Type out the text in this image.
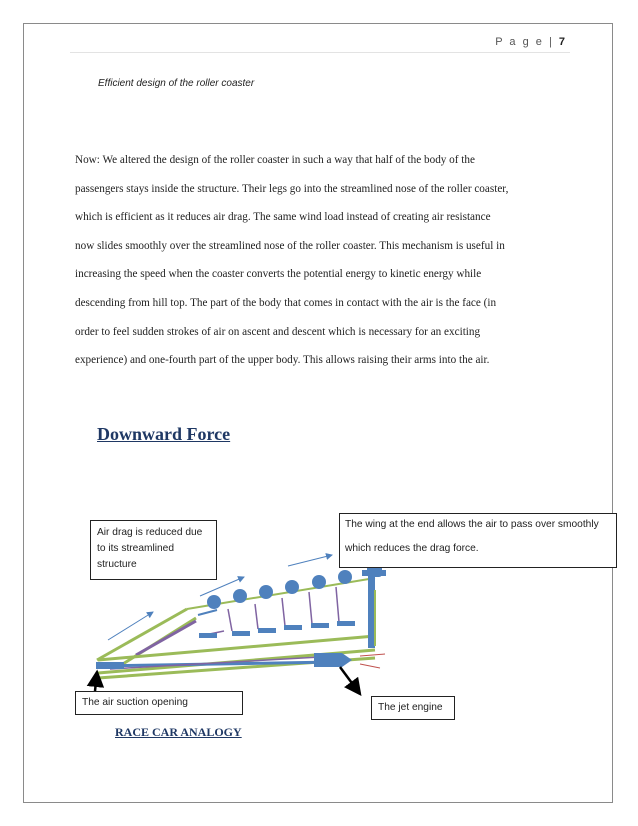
P a g e | 7
Efficient design of the roller coaster

Now: We altered the design of the roller coaster in such a way that half of the body of the

passengers stays inside the structure. Their legs go into the streamlined nose of the roller coaster,

which is efficient as it reduces air drag. The same wind load instead of creating air resistance

now slides smoothly over the streamlined nose of the roller coaster. This mechanism is useful in

increasing the speed when the coaster converts the potential energy to kinetic energy while

descending from hill top. The part of the body that comes in contact with the air is the face (in

order to feel sudden strokes of air on ascent and descent which is necessary for an exciting

experience) and one-fourth part of the upper body. This allows raising their arms into the air.

Downward Force
Air drag is reduced due to its streamlined structure
The wing at the end allows the air to pass over smoothly
which reduces the drag force.
The air suction opening	The jet engine
RACE CAR ANALOGY
